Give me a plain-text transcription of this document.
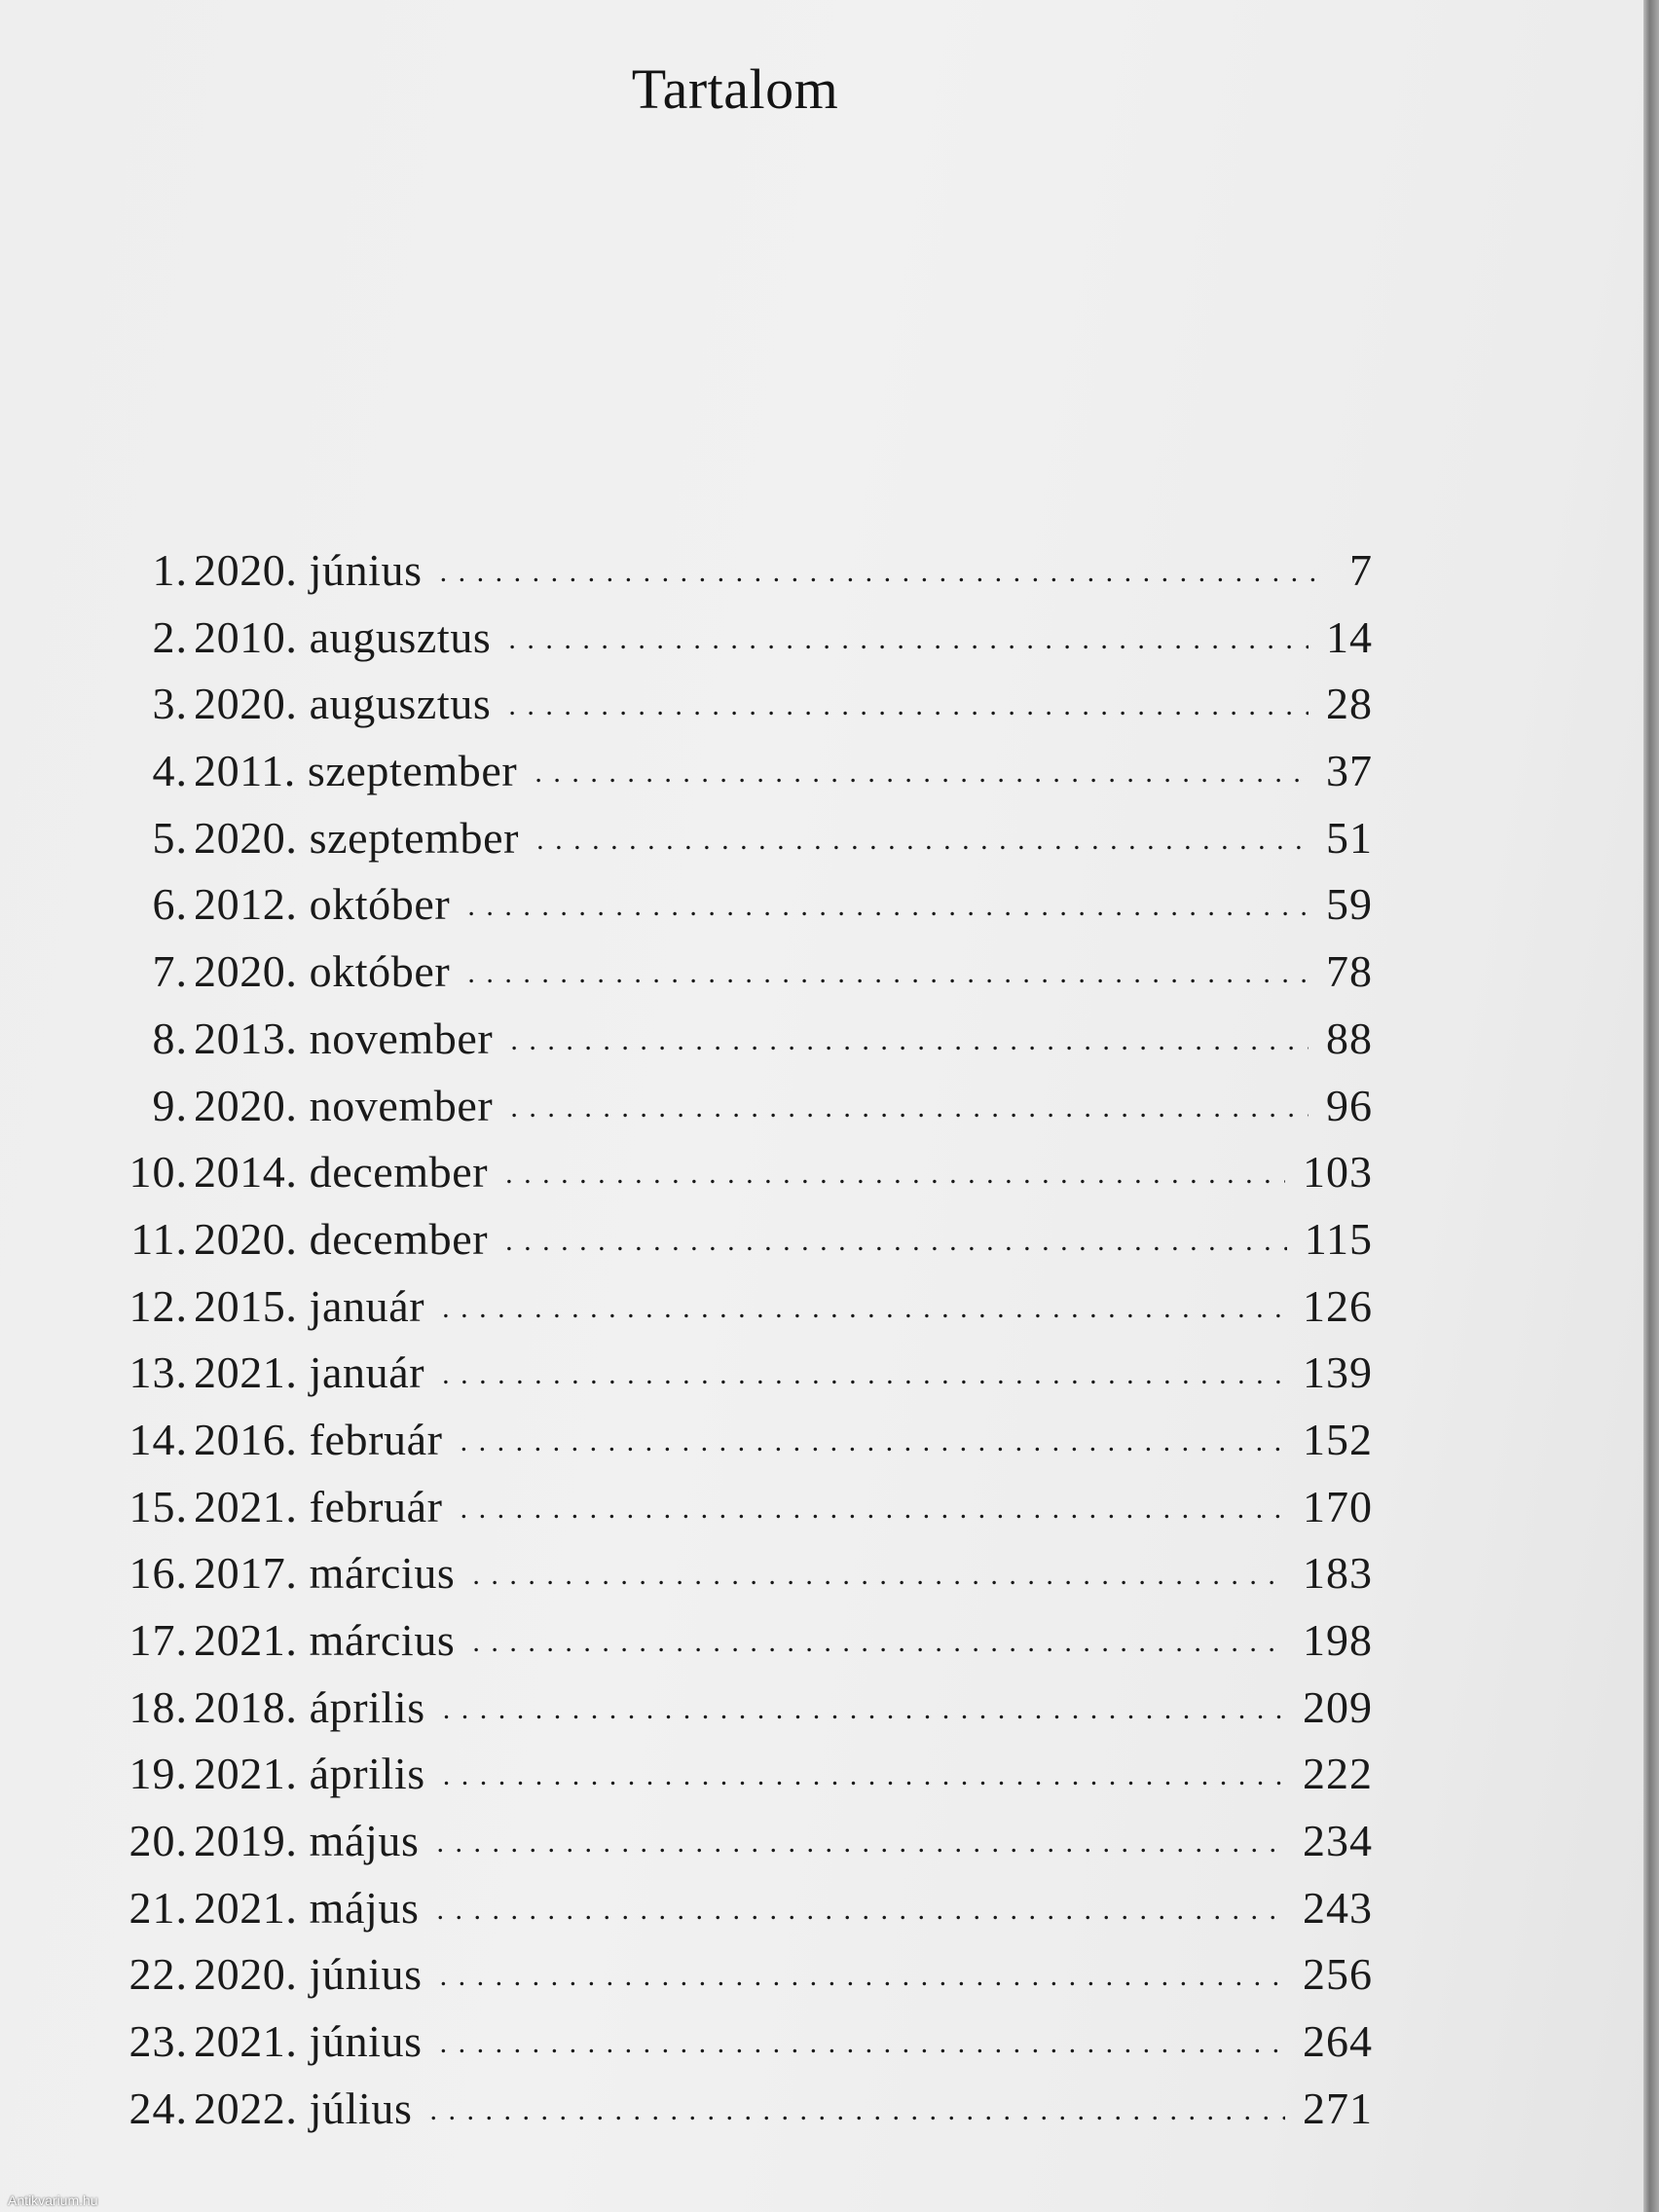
Tartalom
1. 2020. június . . .	7
2. 2010. augusztus . . .	14
3. 2020. augusztus . . .	28
4. 2011. szeptember . . .	37
5. 2020. szeptember . . .	51
6. 2012. október . . .	59
7. 2020. október . . .	78
8. 2013. november . . .	88
9. 2020. november . . .	96
10. 2014. december . . .	103
11. 2020. december . . .	115
12. 2015. január . . .	126
13. 2021. január . . .	139
14. 2016. február . . .	152
15. 2021. február . . .	170
16. 2017. március . . .	183
17. 2021. március . . .	198
18. 2018. április . . .	209
19. 2021. április . . .	222
20. 2019. május . . .	234
21. 2021. május . . .	243
22. 2020. június . . .	256
23. 2021. június . . .	264
24. 2022. július . . .	271
Antikvarium.hu
